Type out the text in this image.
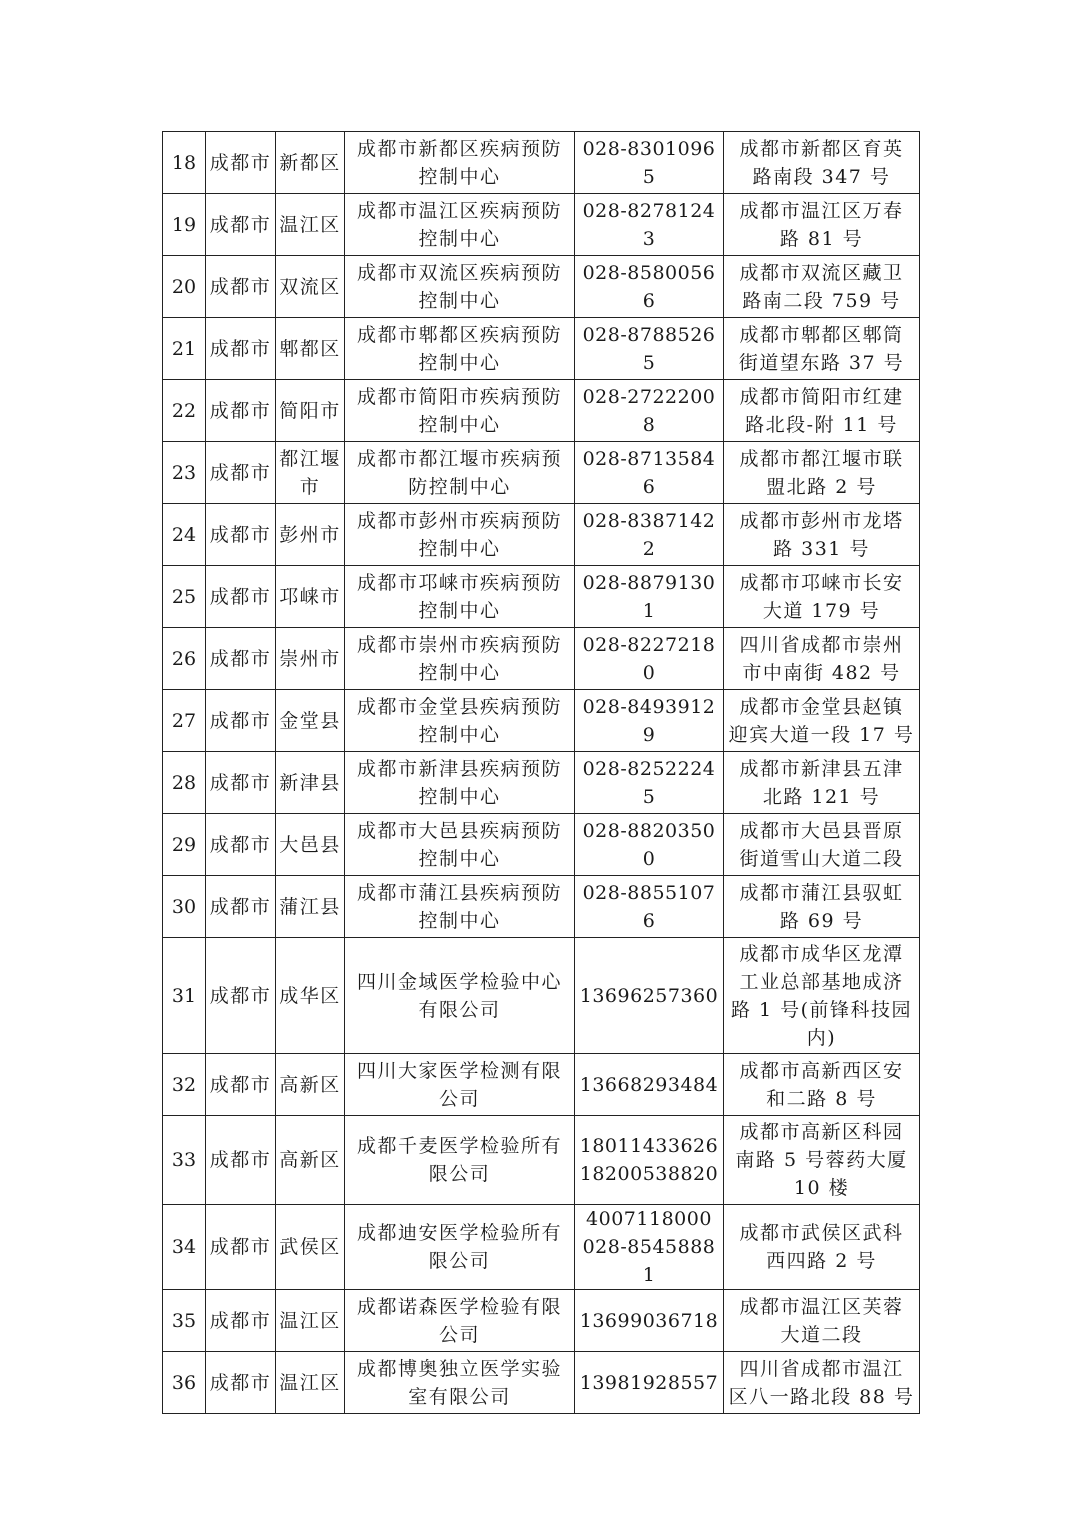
18	成都市	新都区	成都市新都区疾病预防
控制中心	028-83010965	成都市新都区育英
路南段 347 号
19	成都市	温江区	成都市温江区疾病预防
控制中心	028-82781243	成都市温江区万春
路 81 号
20	成都市	双流区	成都市双流区疾病预防
控制中心	028-85800566	成都市双流区藏卫
路南二段 759 号
21	成都市	郫都区	成都市郫都区疾病预防
控制中心	028-87885265	成都市郫都区郫筒
街道望东路 37 号
22	成都市	简阳市	成都市简阳市疾病预防
控制中心	028-27222008	成都市简阳市红建
路北段-附 11 号
23	成都市	都江堰 市	成都市都江堰市疾病预
防控制中心	028-87135846	成都市都江堰市联
盟北路 2 号
24	成都市	彭州市	成都市彭州市疾病预防
控制中心	028-83871422	成都市彭州市龙塔
路 331 号
25	成都市	邛崃市	成都市邛崃市疾病预防
控制中心	028-88791301	成都市邛崃市长安
大道 179 号
26	成都市	崇州市	成都市崇州市疾病预防
控制中心	028-82272180	四川省成都市崇州
市中南街 482 号
27	成都市	金堂县	成都市金堂县疾病预防
控制中心	028-84939129	成都市金堂县赵镇
迎宾大道一段 17 号
28	成都市	新津县	成都市新津县疾病预防
控制中心	028-82522245	成都市新津县五津
北路 121 号
29	成都市	大邑县	成都市大邑县疾病预防
控制中心	028-88203500	成都市大邑县晋原
街道雪山大道二段
30	成都市	蒲江县	成都市蒲江县疾病预防
控制中心	028-88551076	成都市蒲江县驭虹
路 69 号
31	成都市	成华区	四川金域医学检验中心
有限公司	13696257360	成都市成华区龙潭
工业总部基地成济
路 1 号(前锋科技园
内)
32	成都市	高新区	四川大家医学检测有限
公司	13668293484	成都市高新西区安
和二路 8 号
33	成都市	高新区	成都千麦医学检验所有
限公司	18011433626
18200538820	成都市高新区科园
南路 5 号蓉药大厦
10 楼
34	成都市	武侯区	成都迪安医学检验所有
限公司	4007118000
028-85458881	成都市武侯区武科
西四路 2 号
35	成都市	温江区	成都诺森医学检验有限
公司	13699036718	成都市温江区芙蓉
大道二段
36	成都市	温江区	成都博奥独立医学实验
室有限公司	13981928557	四川省成都市温江
区八一路北段 88 号
